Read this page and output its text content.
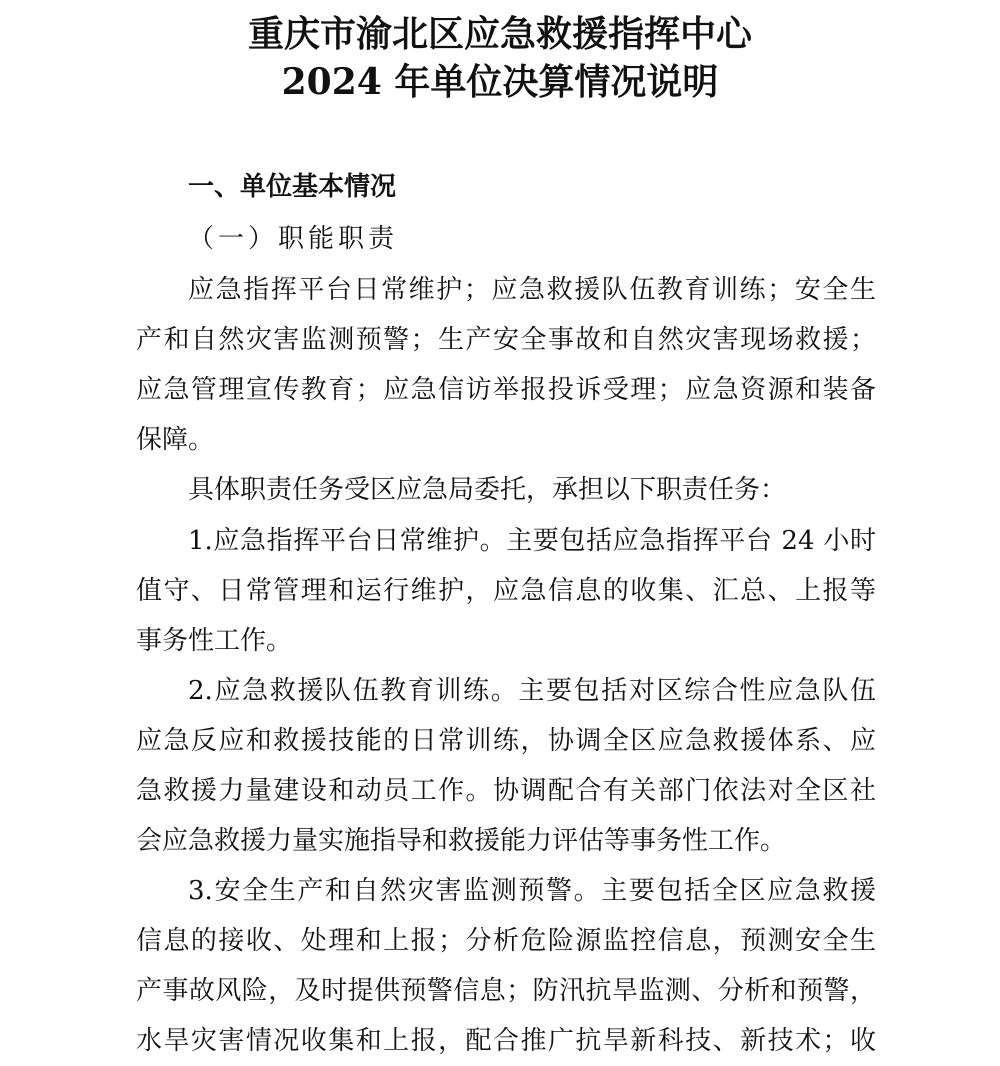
重庆市渝北区应急救援指挥中心
2024 年单位决算情况说明
一、单位基本情况
（一）职能职责
应急指挥平台日常维护；应急救援队伍教育训练；安全生
产和自然灾害监测预警；生产安全事故和自然灾害现场救援；
应急管理宣传教育；应急信访举报投诉受理；应急资源和装备
保障。
具体职责任务受区应急局委托，承担以下职责任务：
1.应急指挥平台日常维护。主要包括应急指挥平台 24 小时
值守、日常管理和运行维护，应急信息的收集、汇总、上报等
事务性工作。
2.应急救援队伍教育训练。主要包括对区综合性应急队伍
应急反应和救援技能的日常训练，协调全区应急救援体系、应
急救援力量建设和动员工作。协调配合有关部门依法对全区社
会应急救援力量实施指导和救援能力评估等事务性工作。
3.安全生产和自然灾害监测预警。主要包括全区应急救援
信息的接收、处理和上报；分析危险源监控信息，预测安全生
产事故风险，及时提供预警信息；防汛抗旱监测、分析和预警，
水旱灾害情况收集和上报，配合推广抗旱新科技、新技术；收
